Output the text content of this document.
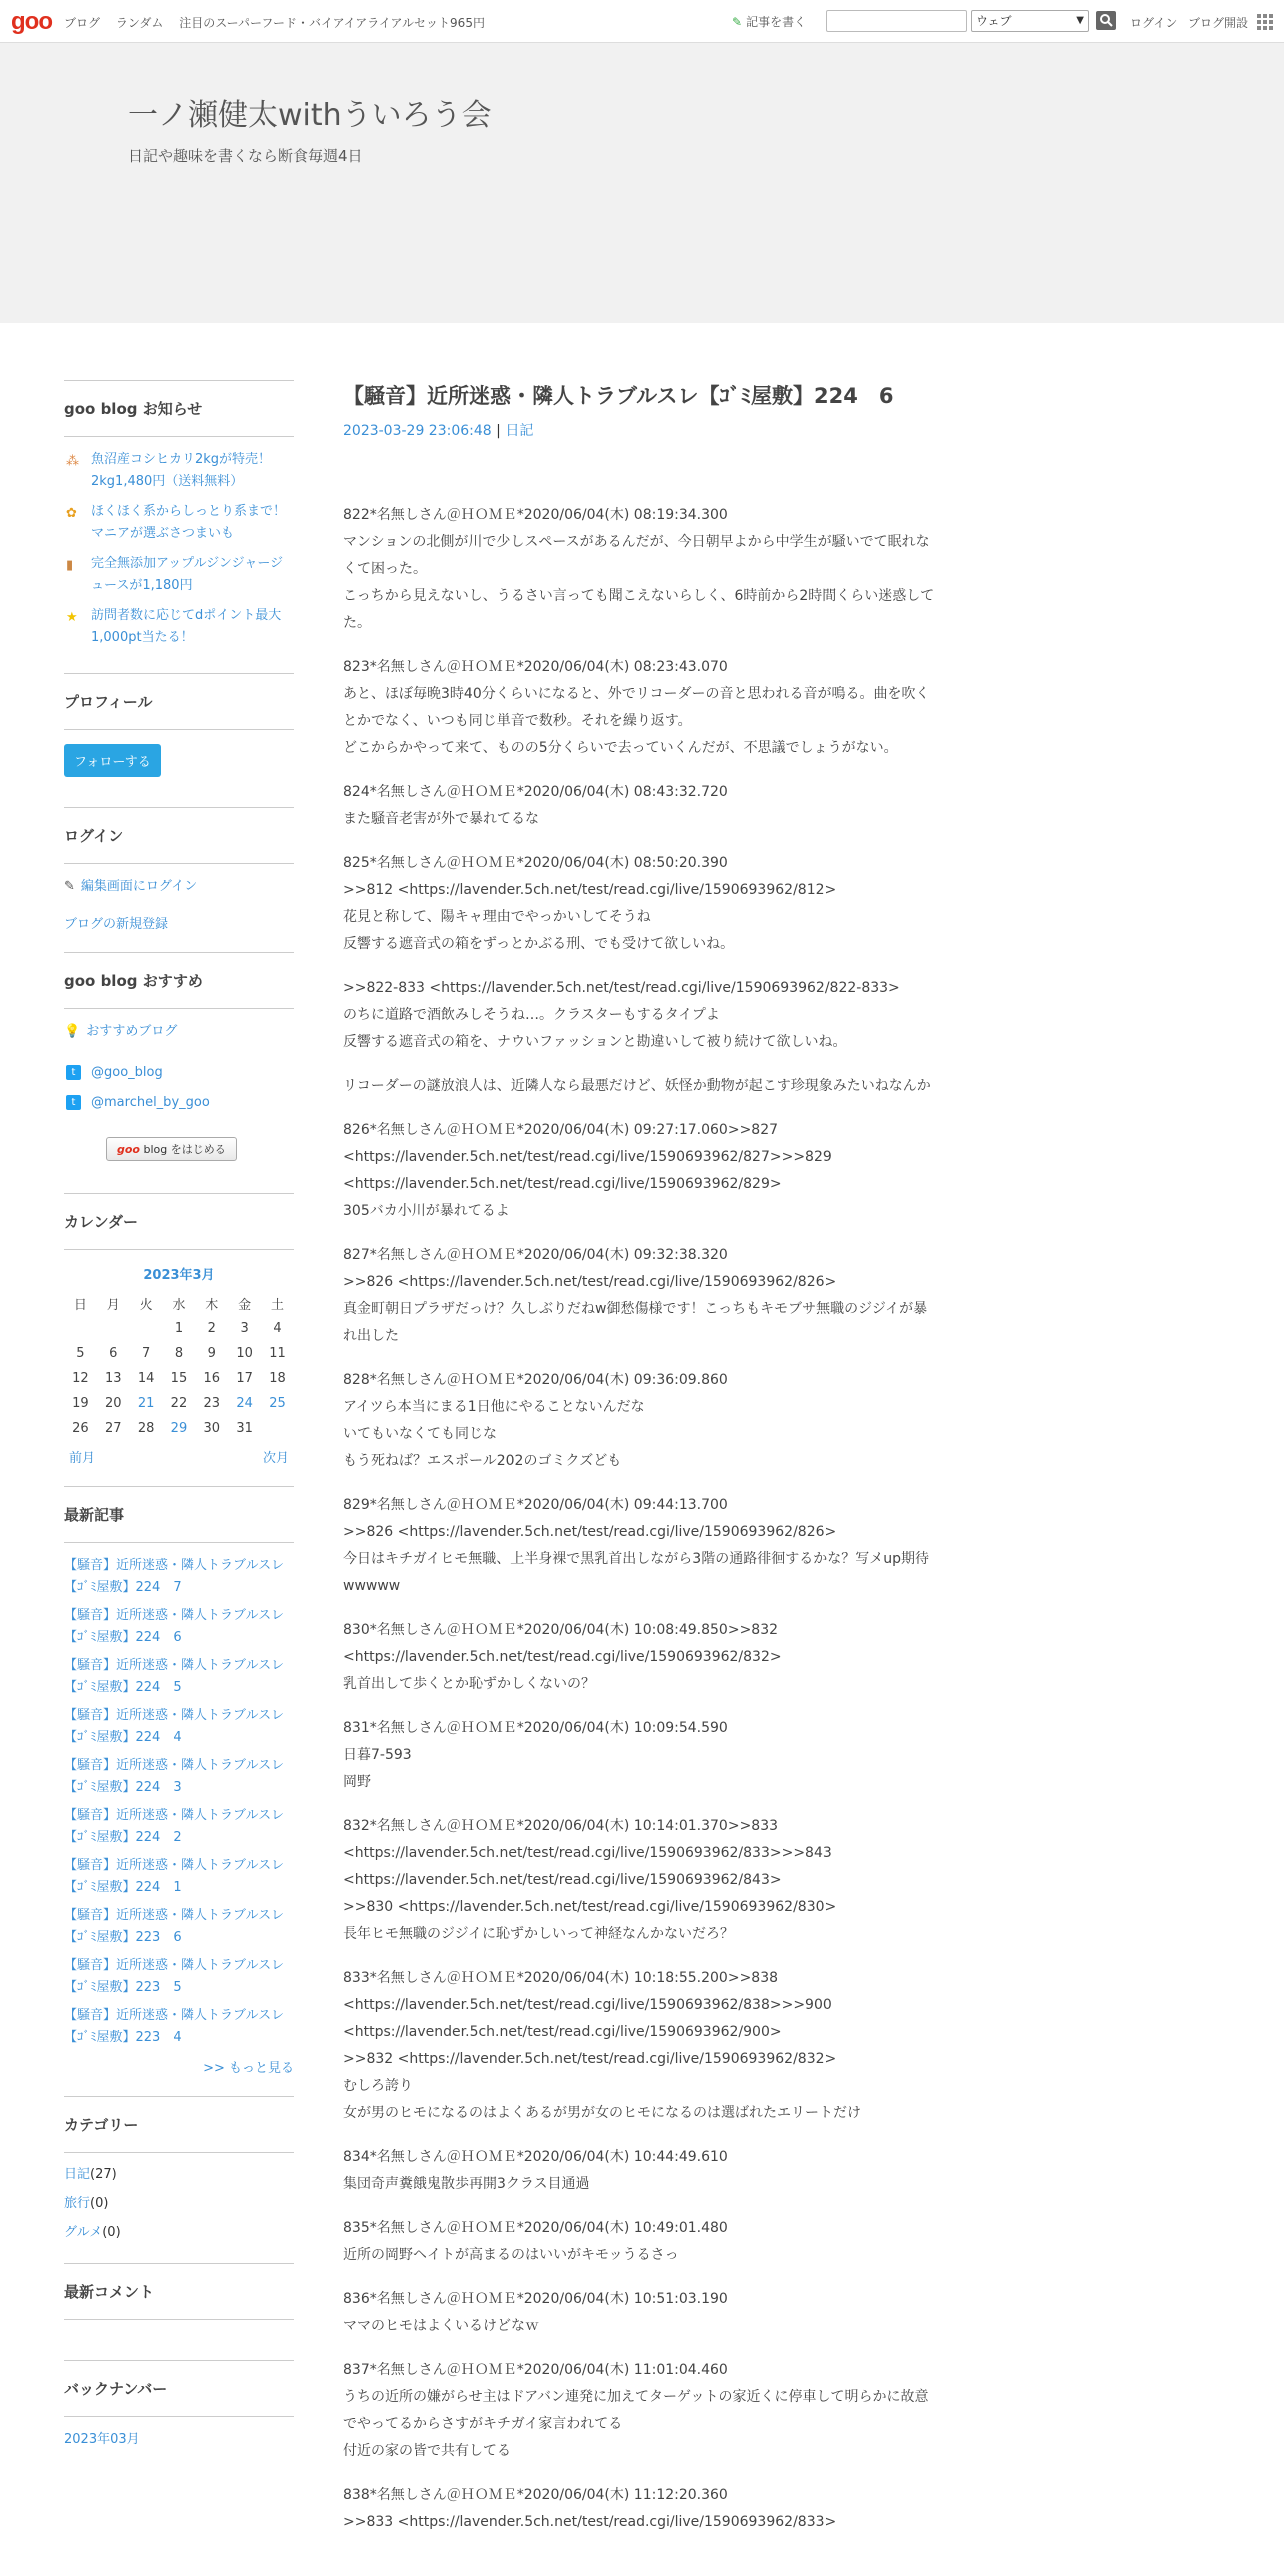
goo ブログ ランダム 注目のスーパーフード・バイアイアライアルセット965円	✎ 記事を書く	ウェブ	▼	ログイン ブログ開設
一ノ瀬健太withういろう会
日記や趣味を書くなら断食毎週4日
goo blog お知らせ
⁂ 魚沼産コシヒカリ2kgが特売！2kg1,480円（送料無料）
✿ ほくほく系からしっとり系まで！マニアが選ぶさつまいも
▮ 完全無添加アップルジンジャージュースが1,180円
★ 訪問者数に応じてdポイント最大1,000pt当たる！
プロフィール
フォローする
ログイン
✎ 編集画面にログイン
ブログの新規登録
goo blog おすすめ
💡 おすすめブログ
t	@goo_blog
t	@marchel_by_goo
goo blog をはじめる
カレンダー
2023年3月
日	月	火	水	木	金	土
			1	2	3	4
5	6	7	8	9	10	11
12	13	14	15	16	17	18
19	20	21	22	23	24	25
26	27	28	29	30	31	
前月	次月
最新記事
【騒音】近所迷惑・隣人トラブルスレ【ｺﾞﾐ屋敷】224　7
【騒音】近所迷惑・隣人トラブルスレ【ｺﾞﾐ屋敷】224　6
【騒音】近所迷惑・隣人トラブルスレ【ｺﾞﾐ屋敷】224　5
【騒音】近所迷惑・隣人トラブルスレ【ｺﾞﾐ屋敷】224　4
【騒音】近所迷惑・隣人トラブルスレ【ｺﾞﾐ屋敷】224　3
【騒音】近所迷惑・隣人トラブルスレ【ｺﾞﾐ屋敷】224　2
【騒音】近所迷惑・隣人トラブルスレ【ｺﾞﾐ屋敷】224　1
【騒音】近所迷惑・隣人トラブルスレ【ｺﾞﾐ屋敷】223　6
【騒音】近所迷惑・隣人トラブルスレ【ｺﾞﾐ屋敷】223　5
【騒音】近所迷惑・隣人トラブルスレ【ｺﾞﾐ屋敷】223　4
>> もっと見る
カテゴリー
日記(27)
旅行(0)
グルメ(0)
最新コメント
バックナンバー
2023年03月
【騒音】近所迷惑・隣人トラブルスレ【ｺﾞﾐ屋敷】224　6
2023-03-29 23:06:48 | 日記
822*名無しさん＠ＨＯＭＥ*2020/06/04(木) 08:19:34.300
マンションの北側が川で少しスペースがあるんだが、今日朝早よから中学生が騒いでて眠れなくて困った。
こっちから見えないし、うるさい言っても聞こえないらしく、6時前から2時間くらい迷惑してた。
823*名無しさん＠ＨＯＭＥ*2020/06/04(木) 08:23:43.070
あと、ほぼ毎晩3時40分くらいになると、外でリコーダーの音と思われる音が鳴る。曲を吹くとかでなく、いつも同じ単音で数秒。それを繰り返す。
どこからかやって来て、ものの5分くらいで去っていくんだが、不思議でしょうがない。
824*名無しさん＠ＨＯＭＥ*2020/06/04(木) 08:43:32.720
また騒音老害が外で暴れてるな
825*名無しさん＠ＨＯＭＥ*2020/06/04(木) 08:50:20.390
>>812 <https://lavender.5ch.net/test/read.cgi/live/1590693962/812>
花見と称して、陽キャ理由でやっかいしてそうね
反響する遮音式の箱をずっとかぶる刑、でも受けて欲しいね。
>>822-833 <https://lavender.5ch.net/test/read.cgi/live/1590693962/822-833>
のちに道路で酒飲みしそうね…。クラスターもするタイプよ
反響する遮音式の箱を、ナウいファッションと勘違いして被り続けて欲しいね。
リコーダーの謎放浪人は、近隣人なら最悪だけど、妖怪か動物が起こす珍現象みたいねなんか
826*名無しさん＠ＨＯＭＥ*2020/06/04(木) 09:27:17.060>>827 <https://lavender.5ch.net/test/read.cgi/live/1590693962/827>>>829 <https://lavender.5ch.net/test/read.cgi/live/1590693962/829>
305バカ小川が暴れてるよ
827*名無しさん＠ＨＯＭＥ*2020/06/04(木) 09:32:38.320
>>826 <https://lavender.5ch.net/test/read.cgi/live/1590693962/826>
真金町朝日プラザだっけ？久しぶりだねw御愁傷様です！こっちもキモブサ無職のジジイが暴れ出した
828*名無しさん＠ＨＯＭＥ*2020/06/04(木) 09:36:09.860
アイツら本当にまる1日他にやることないんだな
いてもいなくても同じな
もう死ねば？エスポール202のゴミクズども
829*名無しさん＠ＨＯＭＥ*2020/06/04(木) 09:44:13.700
>>826 <https://lavender.5ch.net/test/read.cgi/live/1590693962/826>
今日はキチガイヒモ無職、上半身裸で黒乳首出しながら3階の通路徘徊するかな？写メup期待wwwww
830*名無しさん＠ＨＯＭＥ*2020/06/04(木) 10:08:49.850>>832 <https://lavender.5ch.net/test/read.cgi/live/1590693962/832>
乳首出して歩くとか恥ずかしくないの？
831*名無しさん＠ＨＯＭＥ*2020/06/04(木) 10:09:54.590
日暮7-593
岡野
832*名無しさん＠ＨＯＭＥ*2020/06/04(木) 10:14:01.370>>833 <https://lavender.5ch.net/test/read.cgi/live/1590693962/833>>>843 <https://lavender.5ch.net/test/read.cgi/live/1590693962/843>
>>830 <https://lavender.5ch.net/test/read.cgi/live/1590693962/830>
長年ヒモ無職のジジイに恥ずかしいって神経なんかないだろ？
833*名無しさん＠ＨＯＭＥ*2020/06/04(木) 10:18:55.200>>838 <https://lavender.5ch.net/test/read.cgi/live/1590693962/838>>>900 <https://lavender.5ch.net/test/read.cgi/live/1590693962/900>
>>832 <https://lavender.5ch.net/test/read.cgi/live/1590693962/832>
むしろ誇り
女が男のヒモになるのはよくあるが男が女のヒモになるのは選ばれたエリートだけ
834*名無しさん＠ＨＯＭＥ*2020/06/04(木) 10:44:49.610
集団奇声糞餓鬼散歩再開3クラス目通過
835*名無しさん＠ＨＯＭＥ*2020/06/04(木) 10:49:01.480
近所の岡野ヘイトが高まるのはいいがキモッうるさっ
836*名無しさん＠ＨＯＭＥ*2020/06/04(木) 10:51:03.190
ママのヒモはよくいるけどなｗ
837*名無しさん＠ＨＯＭＥ*2020/06/04(木) 11:01:04.460
うちの近所の嫌がらせ主はドアバン連発に加えてターゲットの家近くに停車して明らかに故意でやってるからさすがキチガイ家言われてる
付近の家の皆で共有してる
838*名無しさん＠ＨＯＭＥ*2020/06/04(木) 11:12:20.360
>>833 <https://lavender.5ch.net/test/read.cgi/live/1590693962/833>
